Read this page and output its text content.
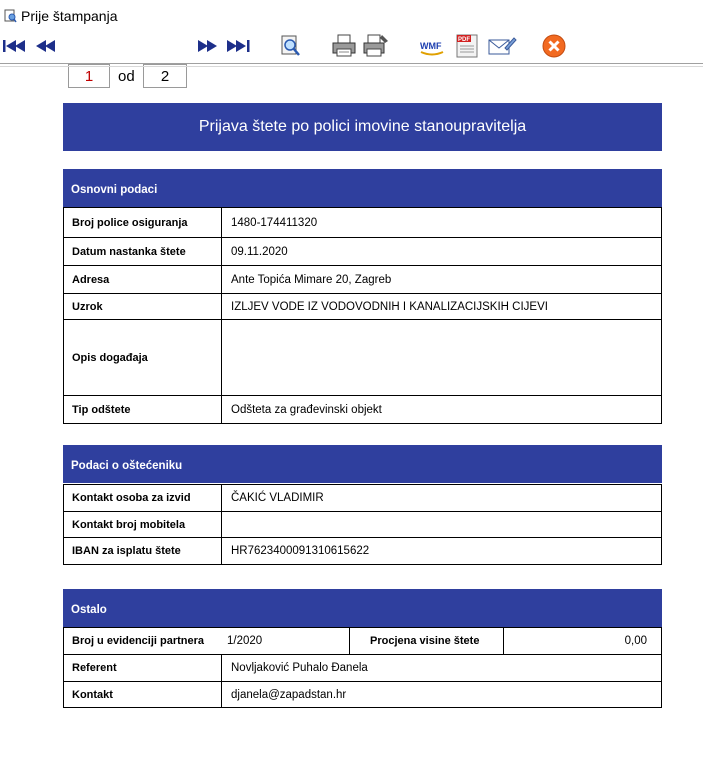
Prije štampanja
1	od	2
WMF
PDF
Prijava štete po polici imovine stanoupravitelja
Osnovni podaci
Broj police osiguranja	1480-174411320
Datum nastanka štete	09.11.2020
Adresa	Ante Topića Mimare 20, Zagreb
Uzrok	IZLJEV VODE IZ VODOVODNIH I KANALIZACIJSKIH CIJEVI
Opis događaja
Tip odštete	Odšteta za građevinski objekt
Podaci o oštećeniku
Kontakt osoba za izvid	ČAKIĆ VLADIMIR
Kontakt broj mobitela
IBAN za isplatu štete	HR7623400091310615622
Ostalo
Broj u evidenciji partnera	1/2020	Procjena visine štete	0,00
Referent	Novljaković Puhalo Đanela
Kontakt	djanela@zapadstan.hr
